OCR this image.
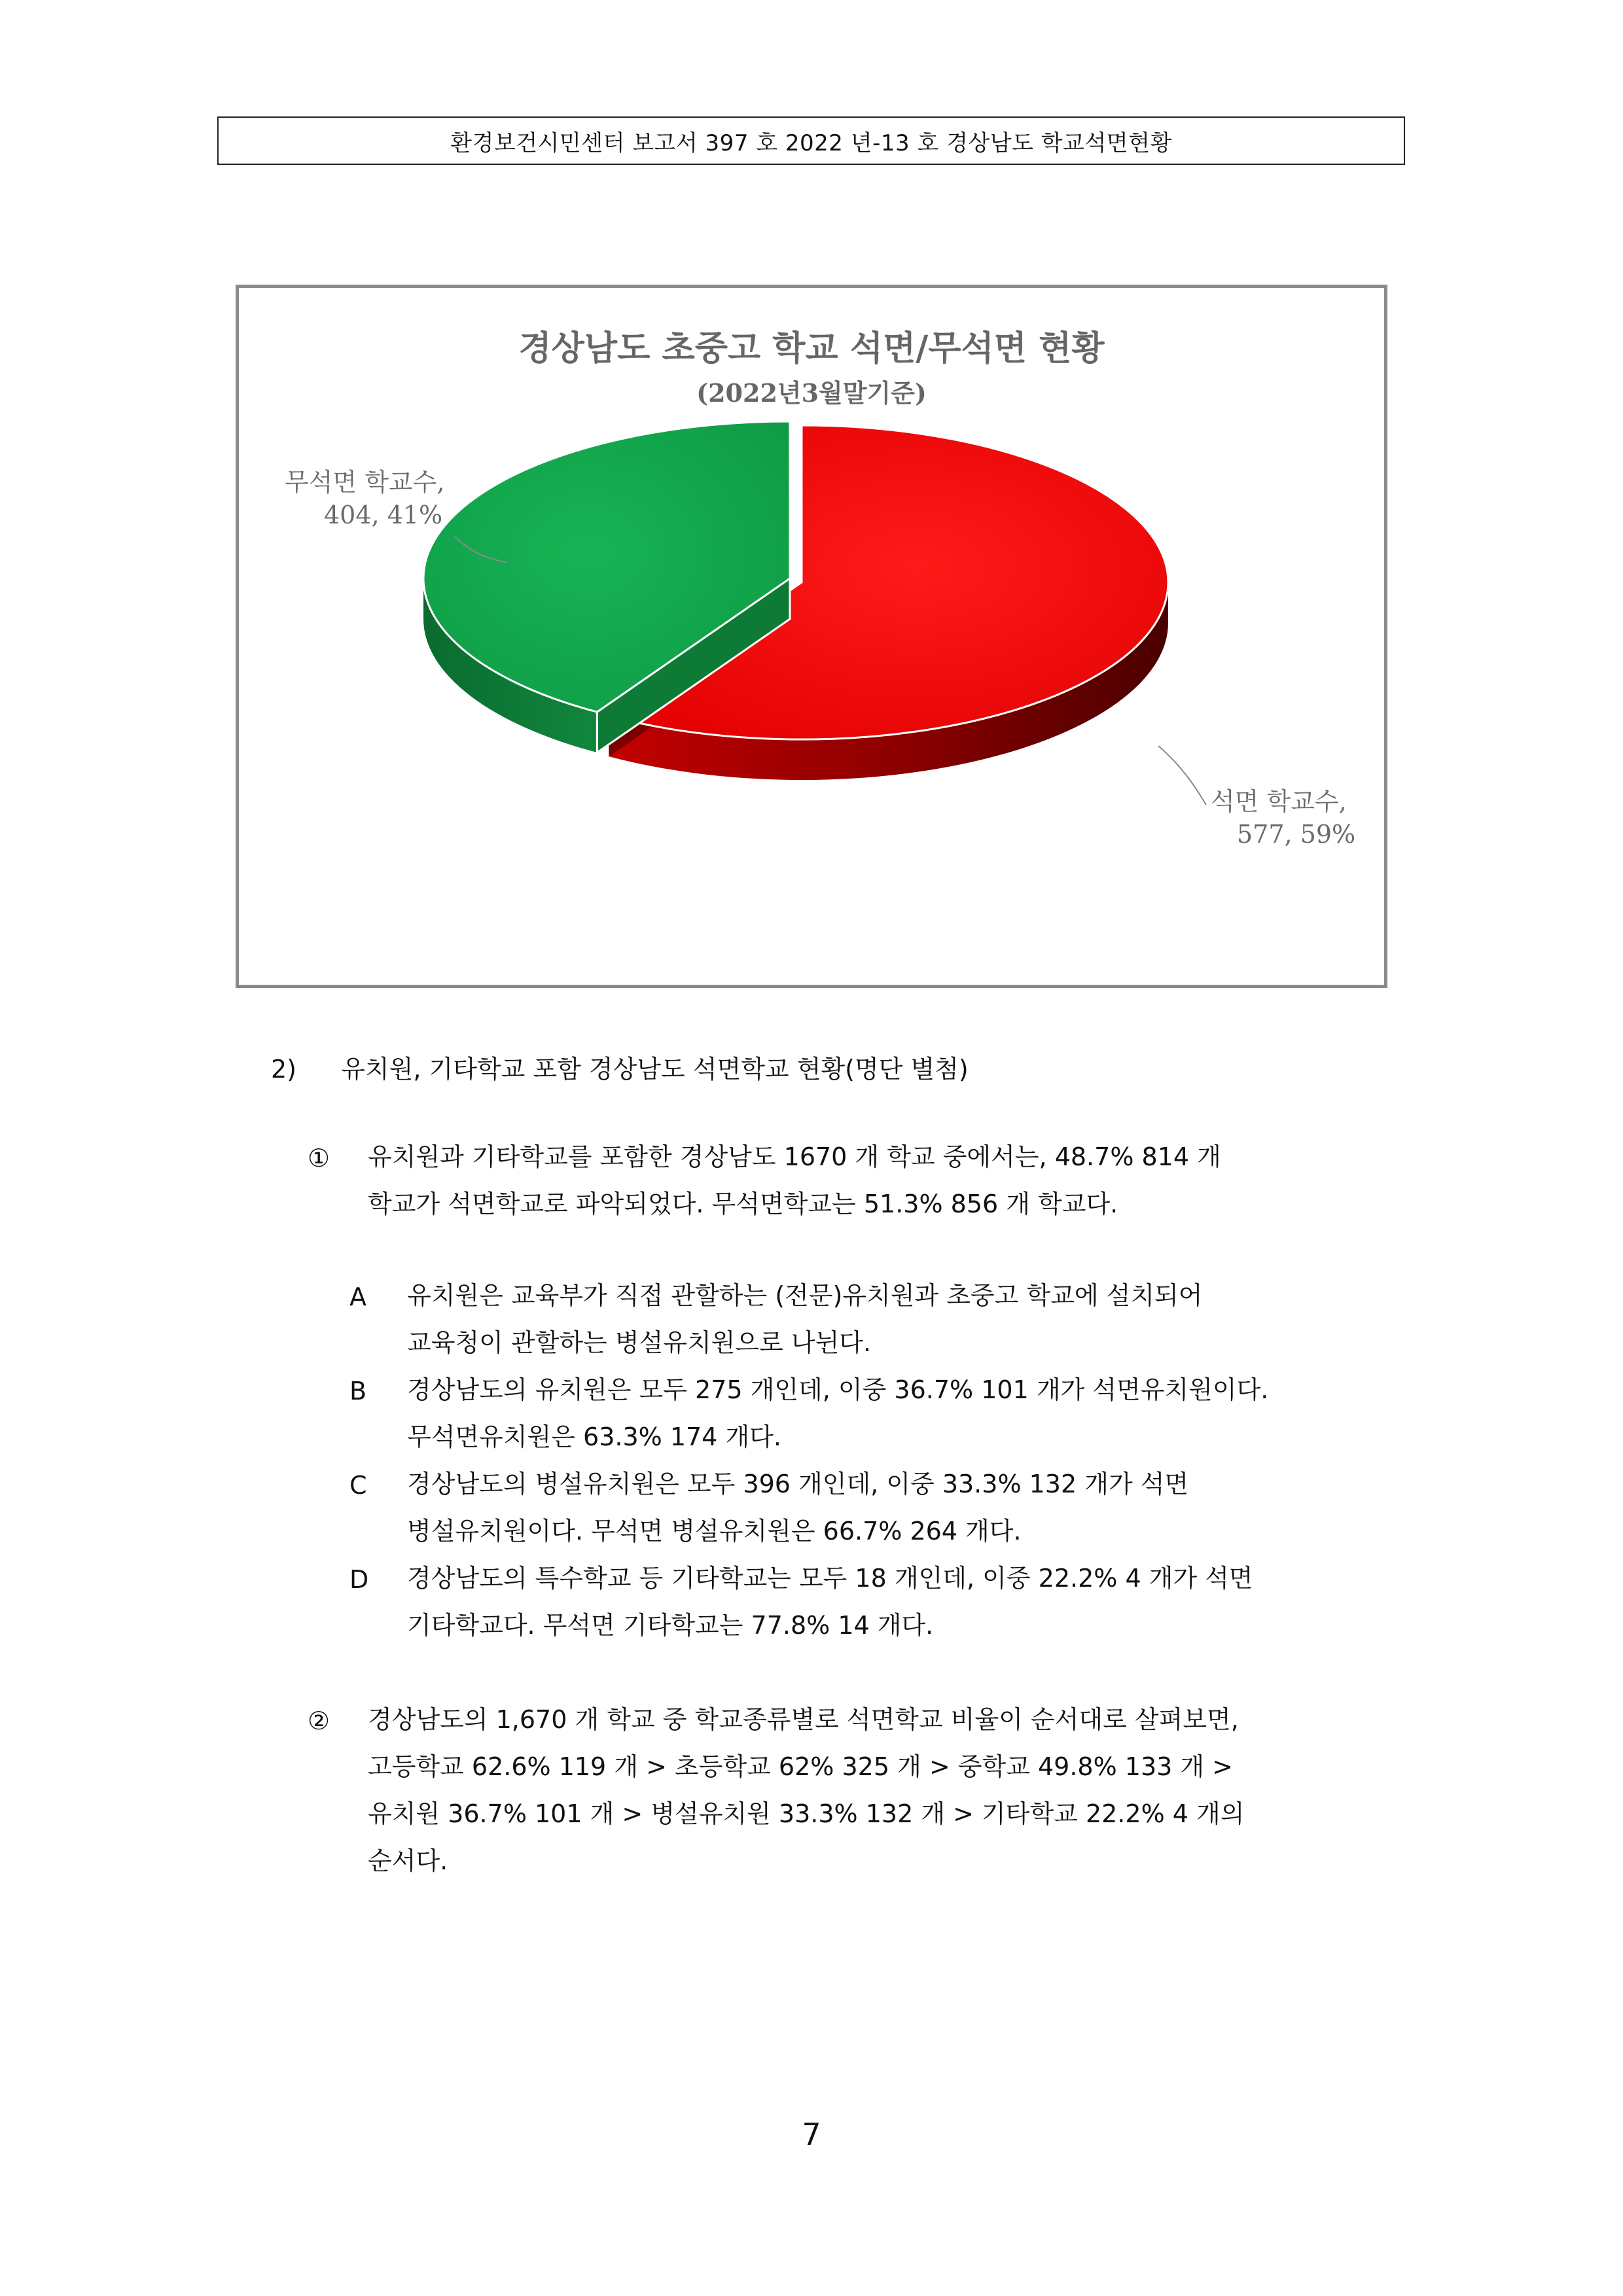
환경보건시민센터 보고서 397 호 2022 년-13 호 경상남도 학교석면현황
경상남도 초중고 학교 석면/무석면 현황
(2022년3월말기준)
무석면 학교수,
404, 41%
석면 학교수,
577, 59%
2) 유치원, 기타학교 포함 경상남도 석면학교 현황(명단 별첨)
① 유치원과 기타학교를 포함한 경상남도 1670 개 학교 중에서는, 48.7% 814 개
학교가 석면학교로 파악되었다. 무석면학교는 51.3% 856 개 학교다.
A 유치원은 교육부가 직접 관할하는 (전문)유치원과 초중고 학교에 설치되어
교육청이 관할하는 병설유치원으로 나뉜다.
B 경상남도의 유치원은 모두 275 개인데, 이중 36.7% 101 개가 석면유치원이다.
무석면유치원은 63.3% 174 개다.
C 경상남도의 병설유치원은 모두 396 개인데, 이중 33.3% 132 개가 석면
병설유치원이다. 무석면 병설유치원은 66.7% 264 개다.
D 경상남도의 특수학교 등 기타학교는 모두 18 개인데, 이중 22.2% 4 개가 석면
기타학교다. 무석면 기타학교는 77.8% 14 개다.
② 경상남도의 1,670 개 학교 중 학교종류별로 석면학교 비율이 순서대로 살펴보면,
고등학교 62.6% 119 개 > 초등학교 62% 325 개 > 중학교 49.8% 133 개 >
유치원 36.7% 101 개 > 병설유치원 33.3% 132 개 > 기타학교 22.2% 4 개의
순서다.
7
